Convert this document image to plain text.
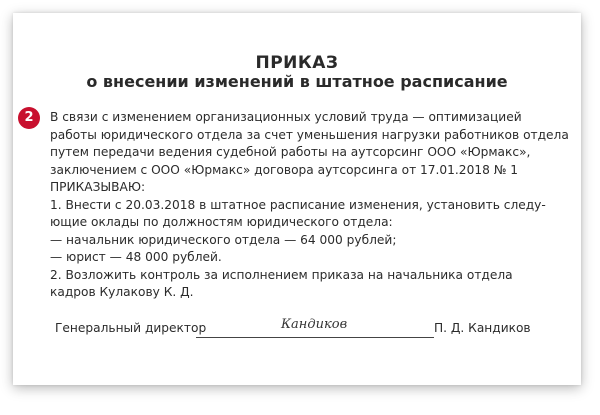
ПРИКАЗ
о внесении изменений в штатное расписание
2	В связи с изменением организационных условий труда — оптимизацией
работы юридического отдела за счет уменьшения нагрузки работников отдела
путем передачи ведения судебной работы на аутсорсинг ООО «Юрмакс»,
заключением с ООО «Юрмакс» договора аутсорсинга от 17.01.2018 № 1
ПРИКАЗЫВАЮ:
1. Внести с 20.03.2018 в штатное расписание изменения, установить следу-
ющие оклады по должностям юридического отдела:
— начальник юридического отдела — 64 000 рублей;
— юрист — 48 000 рублей.
2. Возложить контроль за исполнением приказа на начальника отдела
кадров Кулакову К. Д.
Генеральный директор	Кандиков	П. Д. Кандиков
